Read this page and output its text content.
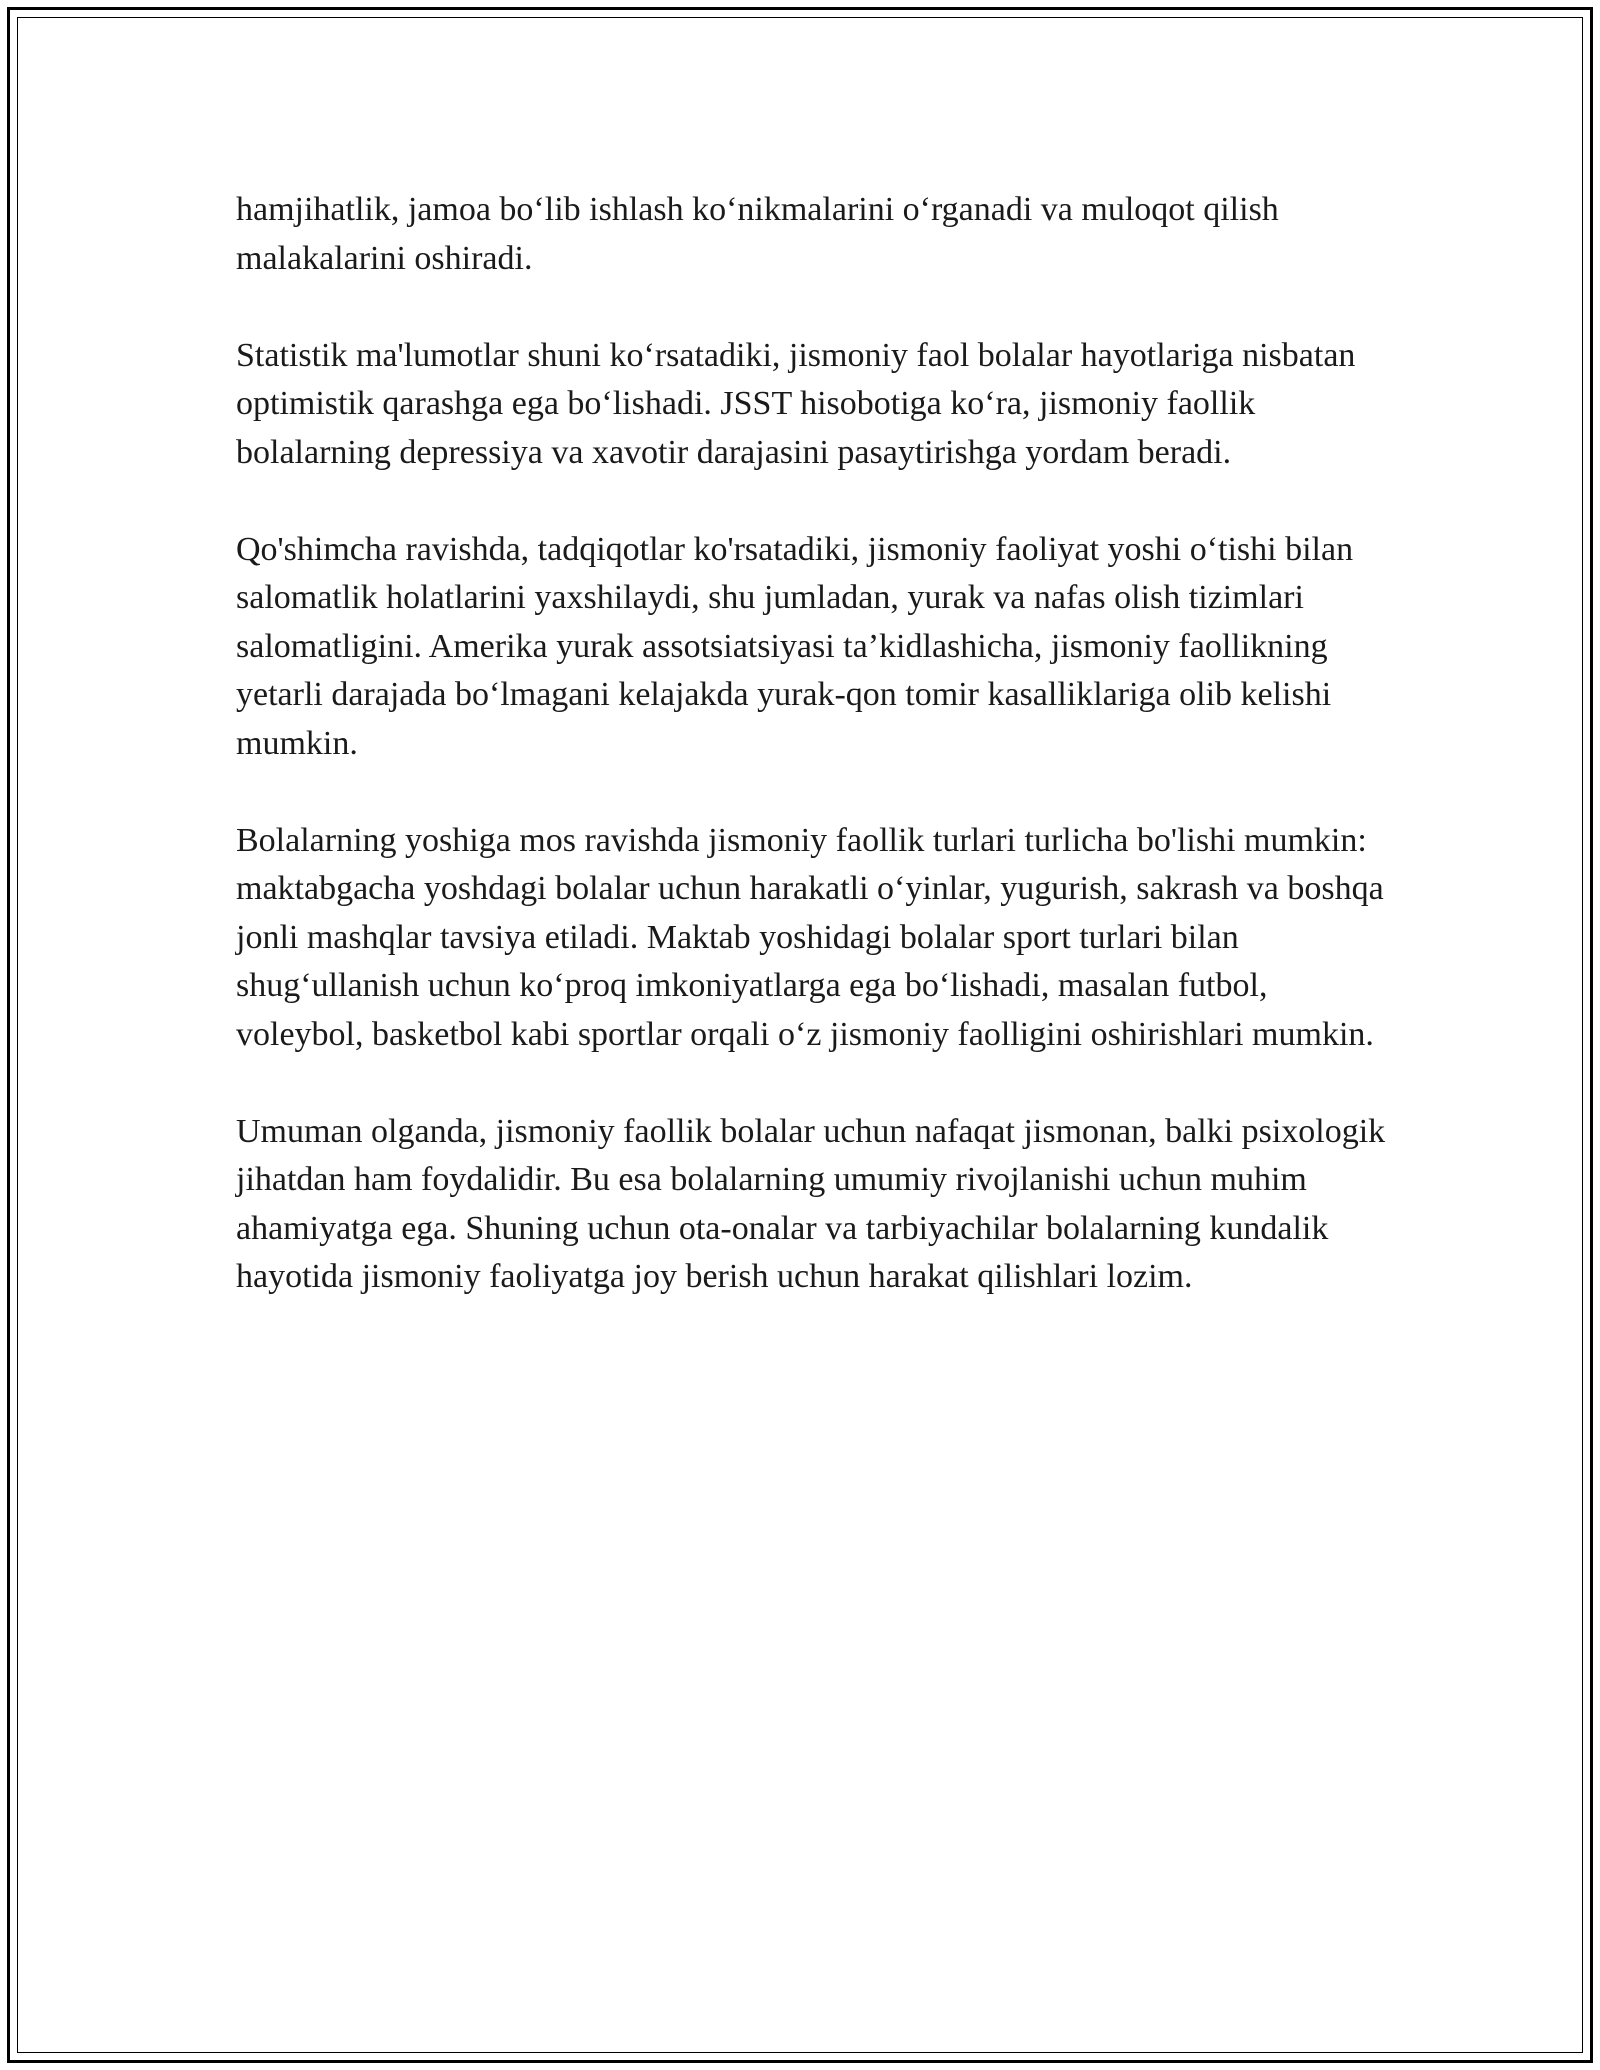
hamjihatlik, jamoa bo‘lib ishlash ko‘nikmalarini o‘rganadi va muloqot qilish malakalarini oshiradi.

Statistik ma'lumotlar shuni ko‘rsatadiki, jismoniy faol bolalar hayotlariga nisbatan optimistik qarashga ega bo‘lishadi. JSST hisobotiga ko‘ra, jismoniy faollik bolalarning depressiya va xavotir darajasini pasaytirishga yordam beradi.

Qo'shimcha ravishda, tadqiqotlar ko'rsatadiki, jismoniy faoliyat yoshi o‘tishi bilan salomatlik holatlarini yaxshilaydi, shu jumladan, yurak va nafas olish tizimlari salomatligini. Amerika yurak assotsiatsiyasi ta’kidlashicha, jismoniy faollikning yetarli darajada bo‘lmagani kelajakda yurak-qon tomir kasalliklariga olib kelishi mumkin.

Bolalarning yoshiga mos ravishda jismoniy faollik turlari turlicha bo'lishi mumkin: maktabgacha yoshdagi bolalar uchun harakatli o‘yinlar, yugurish, sakrash va boshqa jonli mashqlar tavsiya etiladi. Maktab yoshidagi bolalar sport turlari bilan shug‘ullanish uchun ko‘proq imkoniyatlarga ega bo‘lishadi, masalan futbol, voleybol, basketbol kabi sportlar orqali o‘z jismoniy faolligini oshirishlari mumkin.

Umuman olganda, jismoniy faollik bolalar uchun nafaqat jismonan, balki psixologik jihatdan ham foydalidir. Bu esa bolalarning umumiy rivojlanishi uchun muhim ahamiyatga ega. Shuning uchun ota-onalar va tarbiyachilar bolalarning kundalik hayotida jismoniy faoliyatga joy berish uchun harakat qilishlari lozim.
